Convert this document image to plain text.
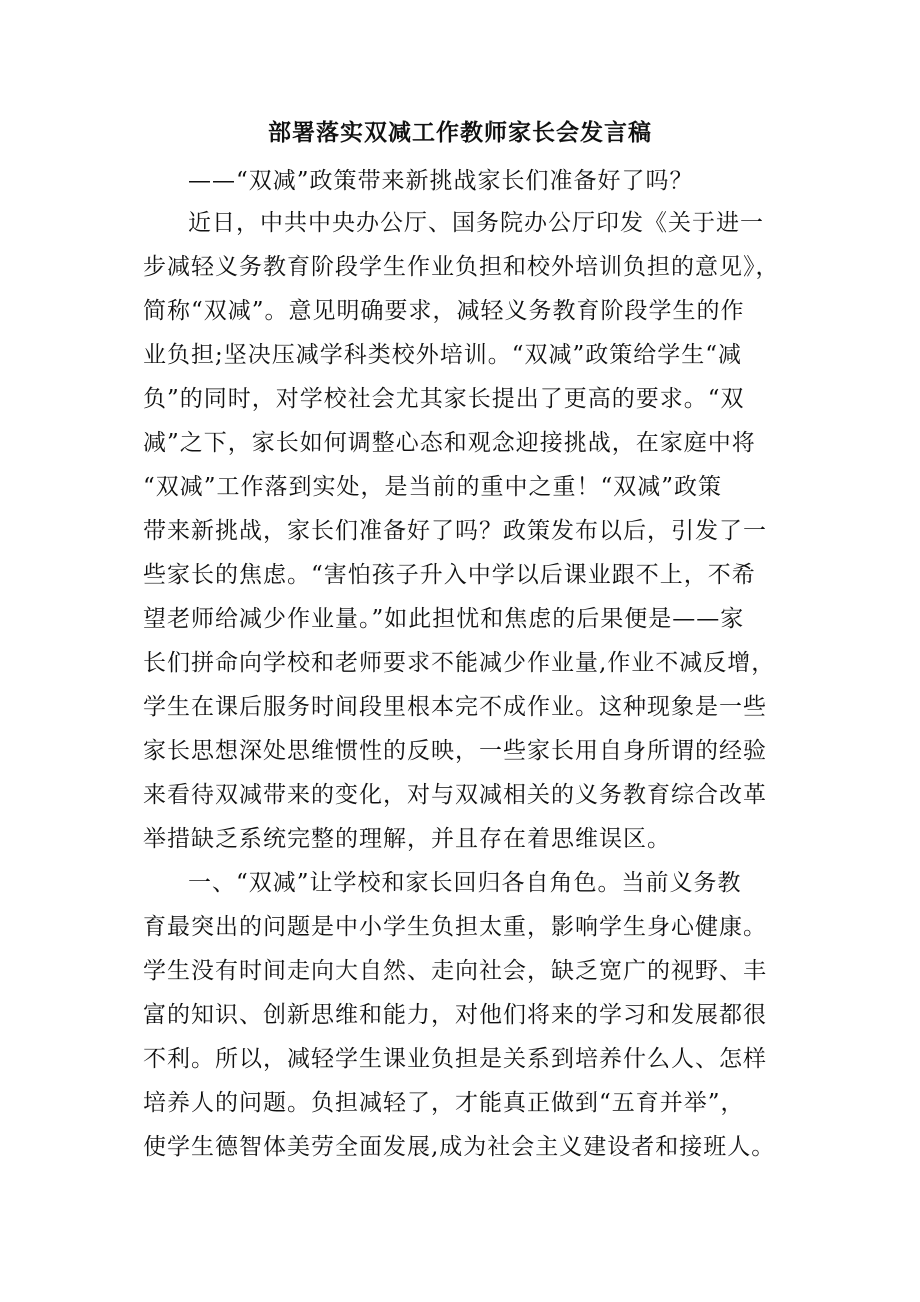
部署落实双减工作教师家长会发言稿
——“双减”政策带来新挑战家长们准备好了吗？
近日，中共中央办公厅、国务院办公厅印发《关于进一
步减轻义务教育阶段学生作业负担和校外培训负担的意见》，
简称“双减”。意见明确要求，减轻义务教育阶段学生的作
业负担;坚决压减学科类校外培训。“双减”政策给学生“减
负”的同时，对学校社会尤其家长提出了更高的要求。“双
减”之下，家长如何调整心态和观念迎接挑战，在家庭中将
“双减”工作落到实处，是当前的重中之重！“双减”政策
带来新挑战，家长们准备好了吗？政策发布以后，引发了一
些家长的焦虑。“害怕孩子升入中学以后课业跟不上，不希
望老师给减少作业量。”如此担忧和焦虑的后果便是——家
长们拼命向学校和老师要求不能减少作业量,作业不减反增，
学生在课后服务时间段里根本完不成作业。这种现象是一些
家长思想深处思维惯性的反映，一些家长用自身所谓的经验
来看待双减带来的变化，对与双减相关的义务教育综合改革
举措缺乏系统完整的理解，并且存在着思维误区。
一、“双减”让学校和家长回归各自角色。当前义务教
育最突出的问题是中小学生负担太重，影响学生身心健康。
学生没有时间走向大自然、走向社会，缺乏宽广的视野、丰
富的知识、创新思维和能力，对他们将来的学习和发展都很
不利。所以，减轻学生课业负担是关系到培养什么人、怎样
培养人的问题。负担减轻了，才能真正做到“五育并举”，
使学生德智体美劳全面发展,成为社会主义建设者和接班人。
